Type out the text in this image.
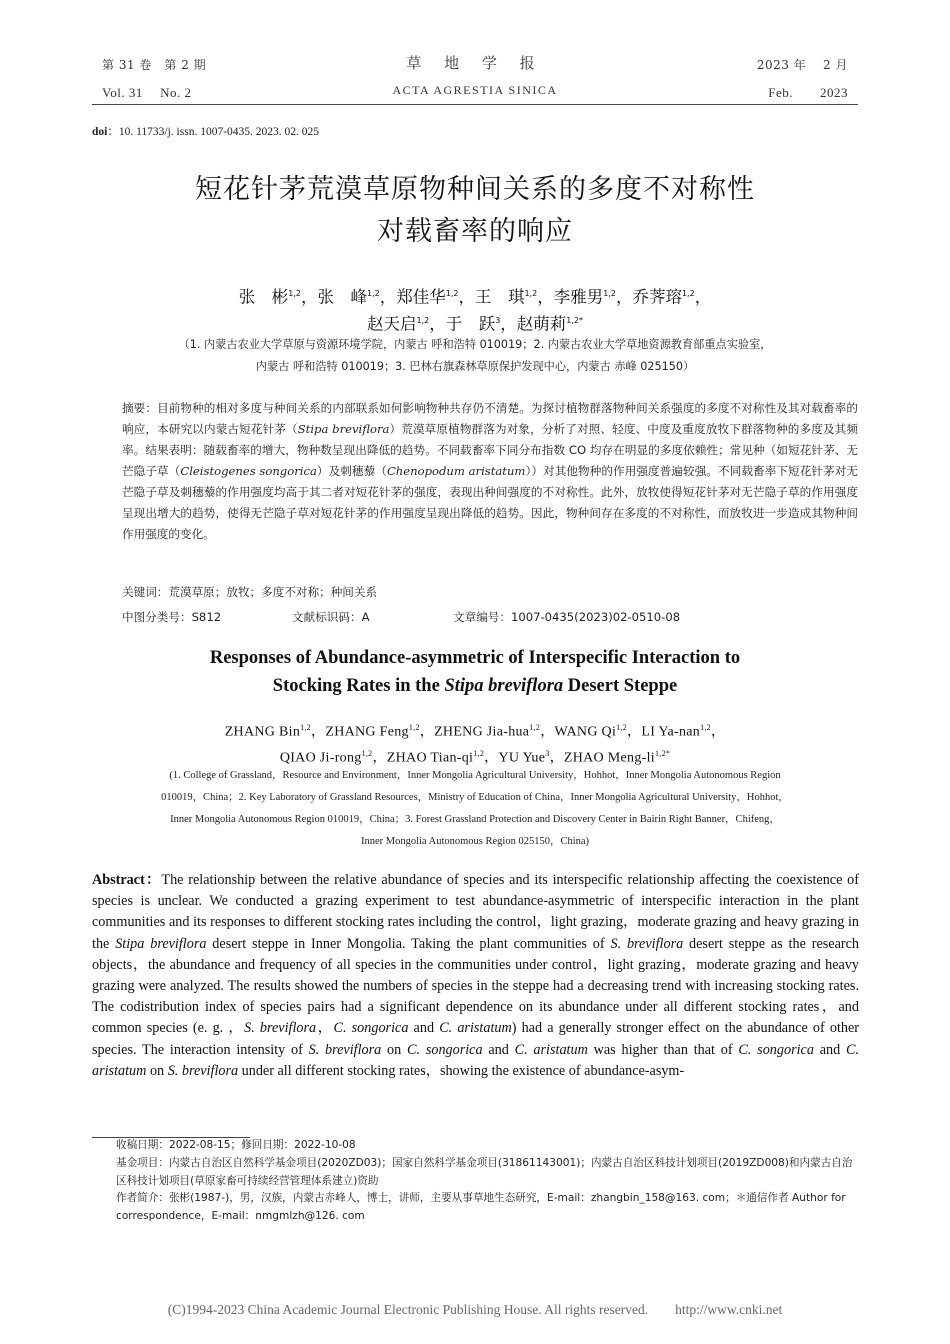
第 31 卷　第 2 期
Vol. 31　 No. 2
草 地 学 报
ACTA AGRESTIA SINICA
2023 年　 2 月
Feb.　　2023
doi：10. 11733/j. issn. 1007-0435. 2023. 02. 025
短花针茅荒漠草原物种间关系的多度不对称性
对载畜率的响应
张　彬$^{1,2}$，张　峰$^{1,2}$，郑佳华$^{1,2}$，王　琪$^{1,2}$，李雅男$^{1,2}$，乔荠瑢$^{1,2}$，
赵天启$^{1,2}$，于　跃$^3$，赵萌莉$^{1,2*}$
（1. 内蒙古农业大学草原与资源环境学院，内蒙古 呼和浩特 010019；2. 内蒙古农业大学草地资源教育部重点实验室，
内蒙古 呼和浩特 010019；3. 巴林右旗森林草原保护发现中心，内蒙古 赤峰 025150）
摘要：目前物种的相对多度与种间关系的内部联系如何影响物种共存仍不清楚。为探讨植物群落物种间关系强度的多度不对称性及其对载畜率的响应，本研究以内蒙古短花针茅（Stipa breviflora）荒漠草原植物群落为对象，分析了对照、轻度、中度及重度放牧下群落物种的多度及其频率。结果表明：随载畜率的增大，物种数呈现出降低的趋势。不同载畜率下同分布指数 CO 均存在明显的多度依赖性；常见种（如短花针茅、无芒隐子草（Cleistogenes songorica）及刺穗藜（Chenopodum aristatum））对其他物种的作用强度普遍较强。不同载畜率下短花针茅对无芒隐子草及刺穗藜的作用强度均高于其二者对短花针茅的强度，表现出种间强度的不对称性。此外，放牧使得短花针茅对无芒隐子草的作用强度呈现出增大的趋势，使得无芒隐子草对短花针茅的作用强度呈现出降低的趋势。因此，物种间存在多度的不对称性，而放牧进一步造成其物种间作用强度的变化。
关键词：荒漠草原；放牧；多度不对称；种间关系
中图分类号：S812	文献标识码：A	文章编号：1007-0435(2023)02-0510-08
Responses of Abundance-asymmetric of Interspecific Interaction to
Stocking Rates in the Stipa breviflora Desert Steppe
ZHANG Bin$^{1,2}$，ZHANG Feng$^{1,2}$，ZHENG Jia-hua$^{1,2}$，WANG Qi$^{1,2}$，LI Ya-nan$^{1,2}$，
QIAO Ji-rong$^{1,2}$，ZHAO Tian-qi$^{1,2}$，YU Yue$^3$，ZHAO Meng-$li^{1,2*}$
(1. College of Grassland，Resource and Environment，Inner Mongolia Agricultural University，Hohhot，Inner Mongolia Autonomous Region
010019，China；2. Key Laboratory of Grassland Resources，Ministry of Education of China，Inner Mongolia Agricultural University，Hohhot，
Inner Mongolia Autonomous Region 010019，China；3. Forest Grassland Protection and Discovery Center in Bairin Right Banner，Chifeng，
Inner Mongolia Autonomous Region 025150，China)
Abstract：The relationship between the relative abundance of species and its interspecific relationship affecting the coexistence of species is unclear. We conducted a grazing experiment to test abundance-asymmetric of interspecific interaction in the plant communities and its responses to different stocking rates including the control，light grazing，moderate grazing and heavy grazing in the Stipa breviflora desert steppe in Inner Mongolia. Taking the plant communities of S. breviflora desert steppe as the research objects，the abundance and frequency of all species in the communities under control，light grazing，moderate grazing and heavy grazing were analyzed. The results showed the numbers of species in the steppe had a decreasing trend with increasing stocking rates. The codistribution index of species pairs had a significant dependence on its abundance under all different stocking rates，and common species (e. g. ，S. breviflora，C. songorica and C. aristatum) had a generally stronger effect on the abundance of other species. The interaction intensity of S. breviflora on C. songorica and C. aristatum was higher than that of C. songorica and C. aristatum on S. breviflora under all different stocking rates，showing the existence of abundance-asym-
收稿日期：2022-08-15；修回日期：2022-10-08
基金项目：内蒙古自治区自然科学基金项目(2020ZD03)；国家自然科学基金项目(31861143001)；内蒙古自治区科技计划项目(2019ZD008)和内蒙古自治区科技计划项目(草原家畜可持续经营管理体系建立)资助
作者简介：张彬(1987-)，男，汉族，内蒙古赤峰人，博士，讲师，主要从事草地生态研究，E-mail：zhangbin_158@163. com；＊通信作者 Author for correspondence，E-mail：nmgmlzh@126. com
(C)1994-2023 China Academic Journal Electronic Publishing House. All rights reserved.　　http://www.cnki.net
